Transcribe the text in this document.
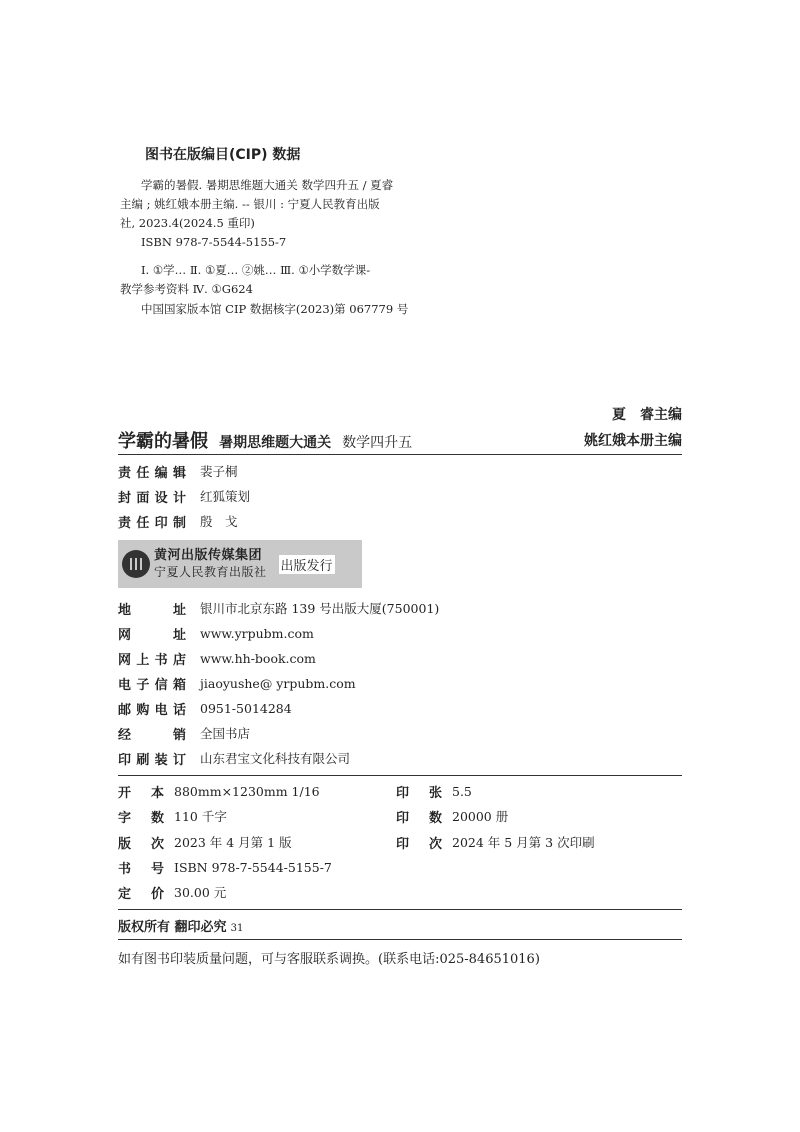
图书在版编目(CIP) 数据
学霸的暑假. 暑期思维题大通关 数学四升五 / 夏睿
主编 ; 姚红娥本册主编. -- 银川 : 宁夏人民教育出版
社, 2023.4(2024.5 重印)
ISBN 978-7-5544-5155-7
Ⅰ. ①学… Ⅱ. ①夏… ②姚… Ⅲ. ①小学数学课-
教学参考资料 Ⅳ. ①G624
中国国家版本馆 CIP 数据核字(2023)第 067779 号
夏　睿主编
学霸的暑假 暑期思维题大通关 数学四升五	姚红娥本册主编
责任编辑 裴子桐
封面设计 红狐策划
责任印制 殷　戈
黄河出版传媒集团
宁夏人民教育出版社 出版发行
地址 银川市北京东路 139 号出版大厦(750001)
网址 www.yrpubm.com
网上书店 www.hh-book.com
电子信箱 jiaoyushe@ yrpubm.com
邮购电话 0951-5014284
经销 全国书店
印刷装订 山东君宝文化科技有限公司
开本 880mm×1230mm 1/16
字数 110 千字
版次 2023 年 4 月第 1 版
书号 ISBN 978-7-5544-5155-7
定价 30.00 元
印张 5.5
印数 20000 册
印次 2024 年 5 月第 3 次印刷
版权所有 翻印必究 31
如有图书印装质量问题，可与客服联系调换。(联系电话:025-84651016)
